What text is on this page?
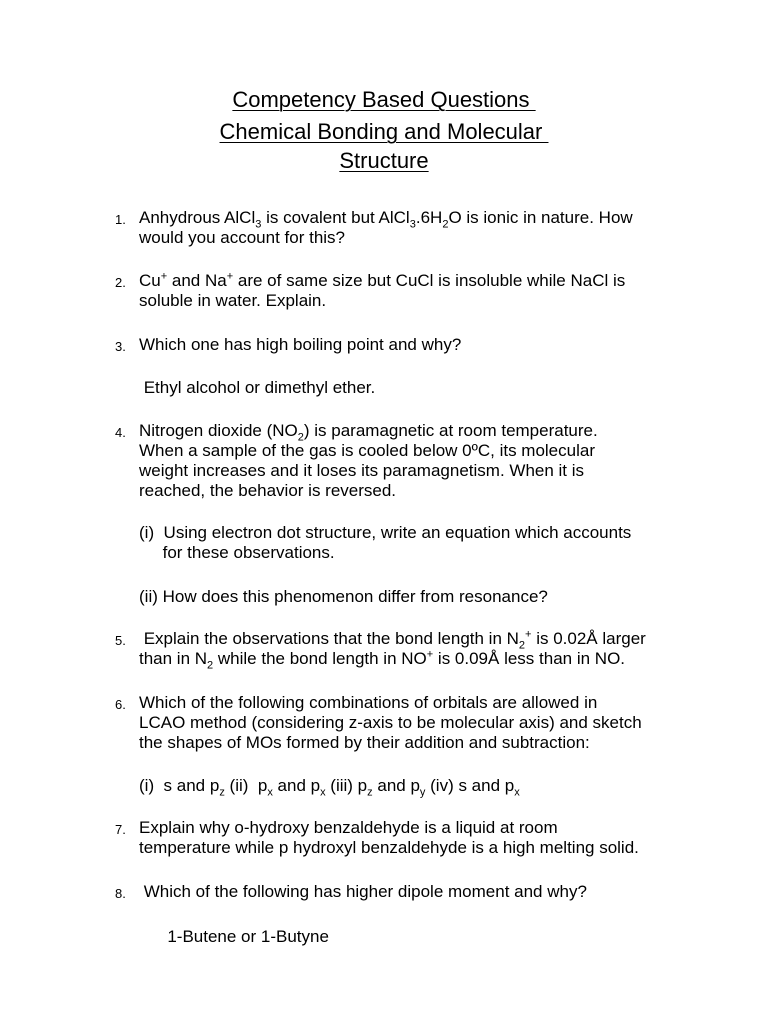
Competency Based Questions
Chemical Bonding and Molecular
Structure
1. Anhydrous AlCl$_3$ is covalent but $AlCl_3.6H_2O$ is ionic in nature. How
would you account for this?
2. Cu+ and Na+ are of same size but CuCl is insoluble while NaCl is
soluble in water. Explain.
3. Which one has high boiling point and why?
Ethyl alcohol or dimethyl ether.
4. Nitrogen dioxide $(NO_2)$ is paramagnetic at room temperature.
When a sample of the gas is cooled below 0ºC, its molecular
weight increases and it loses its paramagnetism. When it is
reached, the behavior is reversed.
(i)  Using electron dot structure, write an equation which accounts
for these observations.
(ii) How does this phenomenon differ from resonance?
5. Explain the observations that the bond length in $N_2^+$ is 0.02Å larger
than in $N_2$ while the bond length in NO+ is 0.09Å less than in NO.
6. Which of the following combinations of orbitals are allowed in
LCAO method (considering z-axis to be molecular axis) and sketch
the shapes of MOs formed by their addition and subtraction:
(i)  s and $p_z$ (ii)  $p_x$ and $p_x$ (iii) $p_z$ and $p_y$ (iv) s and $p_x$
7. Explain why o-hydroxy benzaldehyde is a liquid at room
temperature while p hydroxyl benzaldehyde is a high melting solid.
8. Which of the following has higher dipole moment and why?
1-Butene or 1-Butyne
